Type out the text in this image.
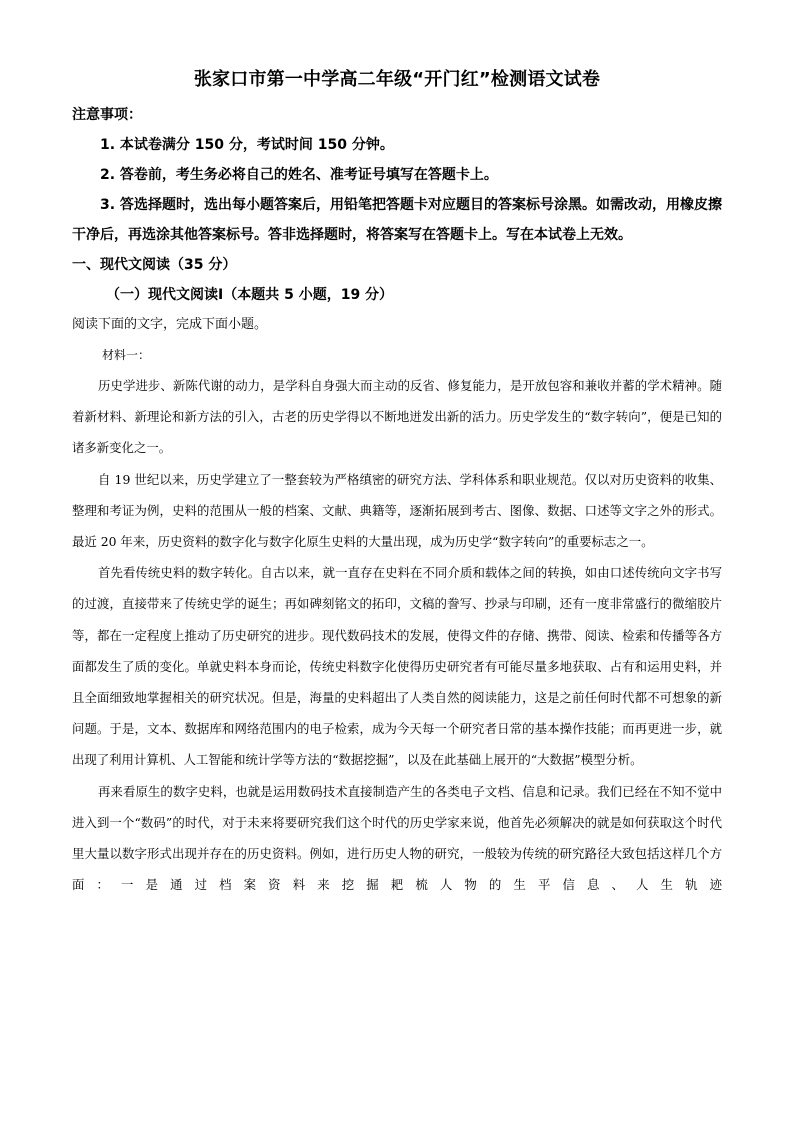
张家口市第一中学高二年级“开门红”检测语文试卷

注意事项：

1. 本试卷满分 150 分，考试时间 150 分钟。

2. 答卷前，考生务必将自己的姓名、准考证号填写在答题卡上。

3. 答选择题时，选出每小题答案后，用铅笔把答题卡对应题目的答案标号涂黑。如需改动，用橡皮擦干净后，再选涂其他答案标号。答非选择题时，将答案写在答题卡上。写在本试卷上无效。

一、现代文阅读（35 分）

（一）现代文阅读Ⅰ（本题共 5 小题，19 分）

阅读下面的文字，完成下面小题。

材料一：

历史学进步、新陈代谢的动力，是学科自身强大而主动的反省、修复能力，是开放包容和兼收并蓄的学术精神。随着新材料、新理论和新方法的引入，古老的历史学得以不断地迸发出新的活力。历史学发生的“数字转向”，便是已知的诸多新变化之一。

自 19 世纪以来，历史学建立了一整套较为严格缜密的研究方法、学科体系和职业规范。仅以对历史资料的收集、整理和考证为例，史料的范围从一般的档案、文献、典籍等，逐渐拓展到考古、图像、数据、口述等文字之外的形式。最近 20 年来，历史资料的数字化与数字化原生史料的大量出现，成为历史学“数字转向”的重要标志之一。

首先看传统史料的数字转化。自古以来，就一直存在史料在不同介质和载体之间的转换，如由口述传统向文字书写的过渡，直接带来了传统史学的诞生；再如碑刻铭文的拓印，文稿的誊写、抄录与印刷，还有一度非常盛行的微缩胶片等，都在一定程度上推动了历史研究的进步。现代数码技术的发展，使得文件的存储、携带、阅读、检索和传播等各方面都发生了质的变化。单就史料本身而论，传统史料数字化使得历史研究者有可能尽量多地获取、占有和运用史料，并且全面细致地掌握相关的研究状况。但是，海量的史料超出了人类自然的阅读能力，这是之前任何时代都不可想象的新问题。于是，文本、数据库和网络范围内的电子检索，成为今天每一个研究者日常的基本操作技能；而再更进一步，就出现了利用计算机、人工智能和统计学等方法的“数据挖掘”，以及在此基础上展开的“大数据”模型分析。

再来看原生的数字史料，也就是运用数码技术直接制造产生的各类电子文档、信息和记录。我们已经在不知不觉中进入到一个“数码”的时代，对于未来将要研究我们这个时代的历史学家来说，他首先必须解决的就是如何获取这个时代里大量以数字形式出现并存在的历史资料。例如，进行历史人物的研究，一般较为传统的研究路径大致包括这样几个方面：一是通过档案资料来挖掘耙梳人物的生平信息、人生轨迹
